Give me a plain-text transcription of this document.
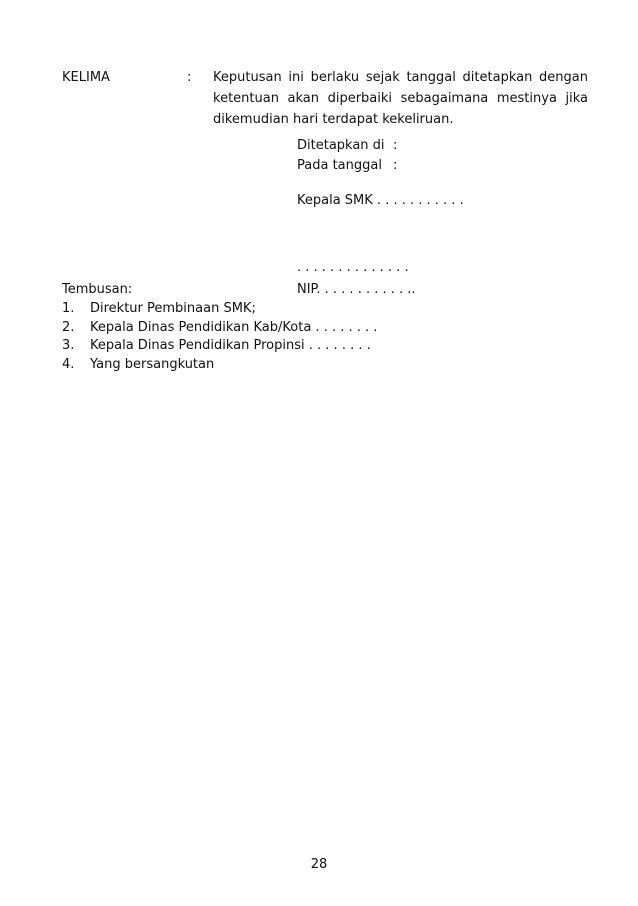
KELIMA	: Keputusan ini berlaku sejak tanggal ditetapkan dengan
ketentuan akan diperbaiki sebagaimana mestinya jika
dikemudian hari terdapat kekeliruan.
Ditetapkan di :
Pada tanggal :
Kepala SMK . . . . . . . . . . .
. . . . . . . . . . . . . .
NIP. . . . . . . . . . . ..
Tembusan:
1.	Direktur Pembinaan SMK;
2.	Kepala Dinas Pendidikan Kab/Kota . . . . . . . .
3.	Kepala Dinas Pendidikan Propinsi . . . . . . . .
4.	Yang bersangkutan
28
